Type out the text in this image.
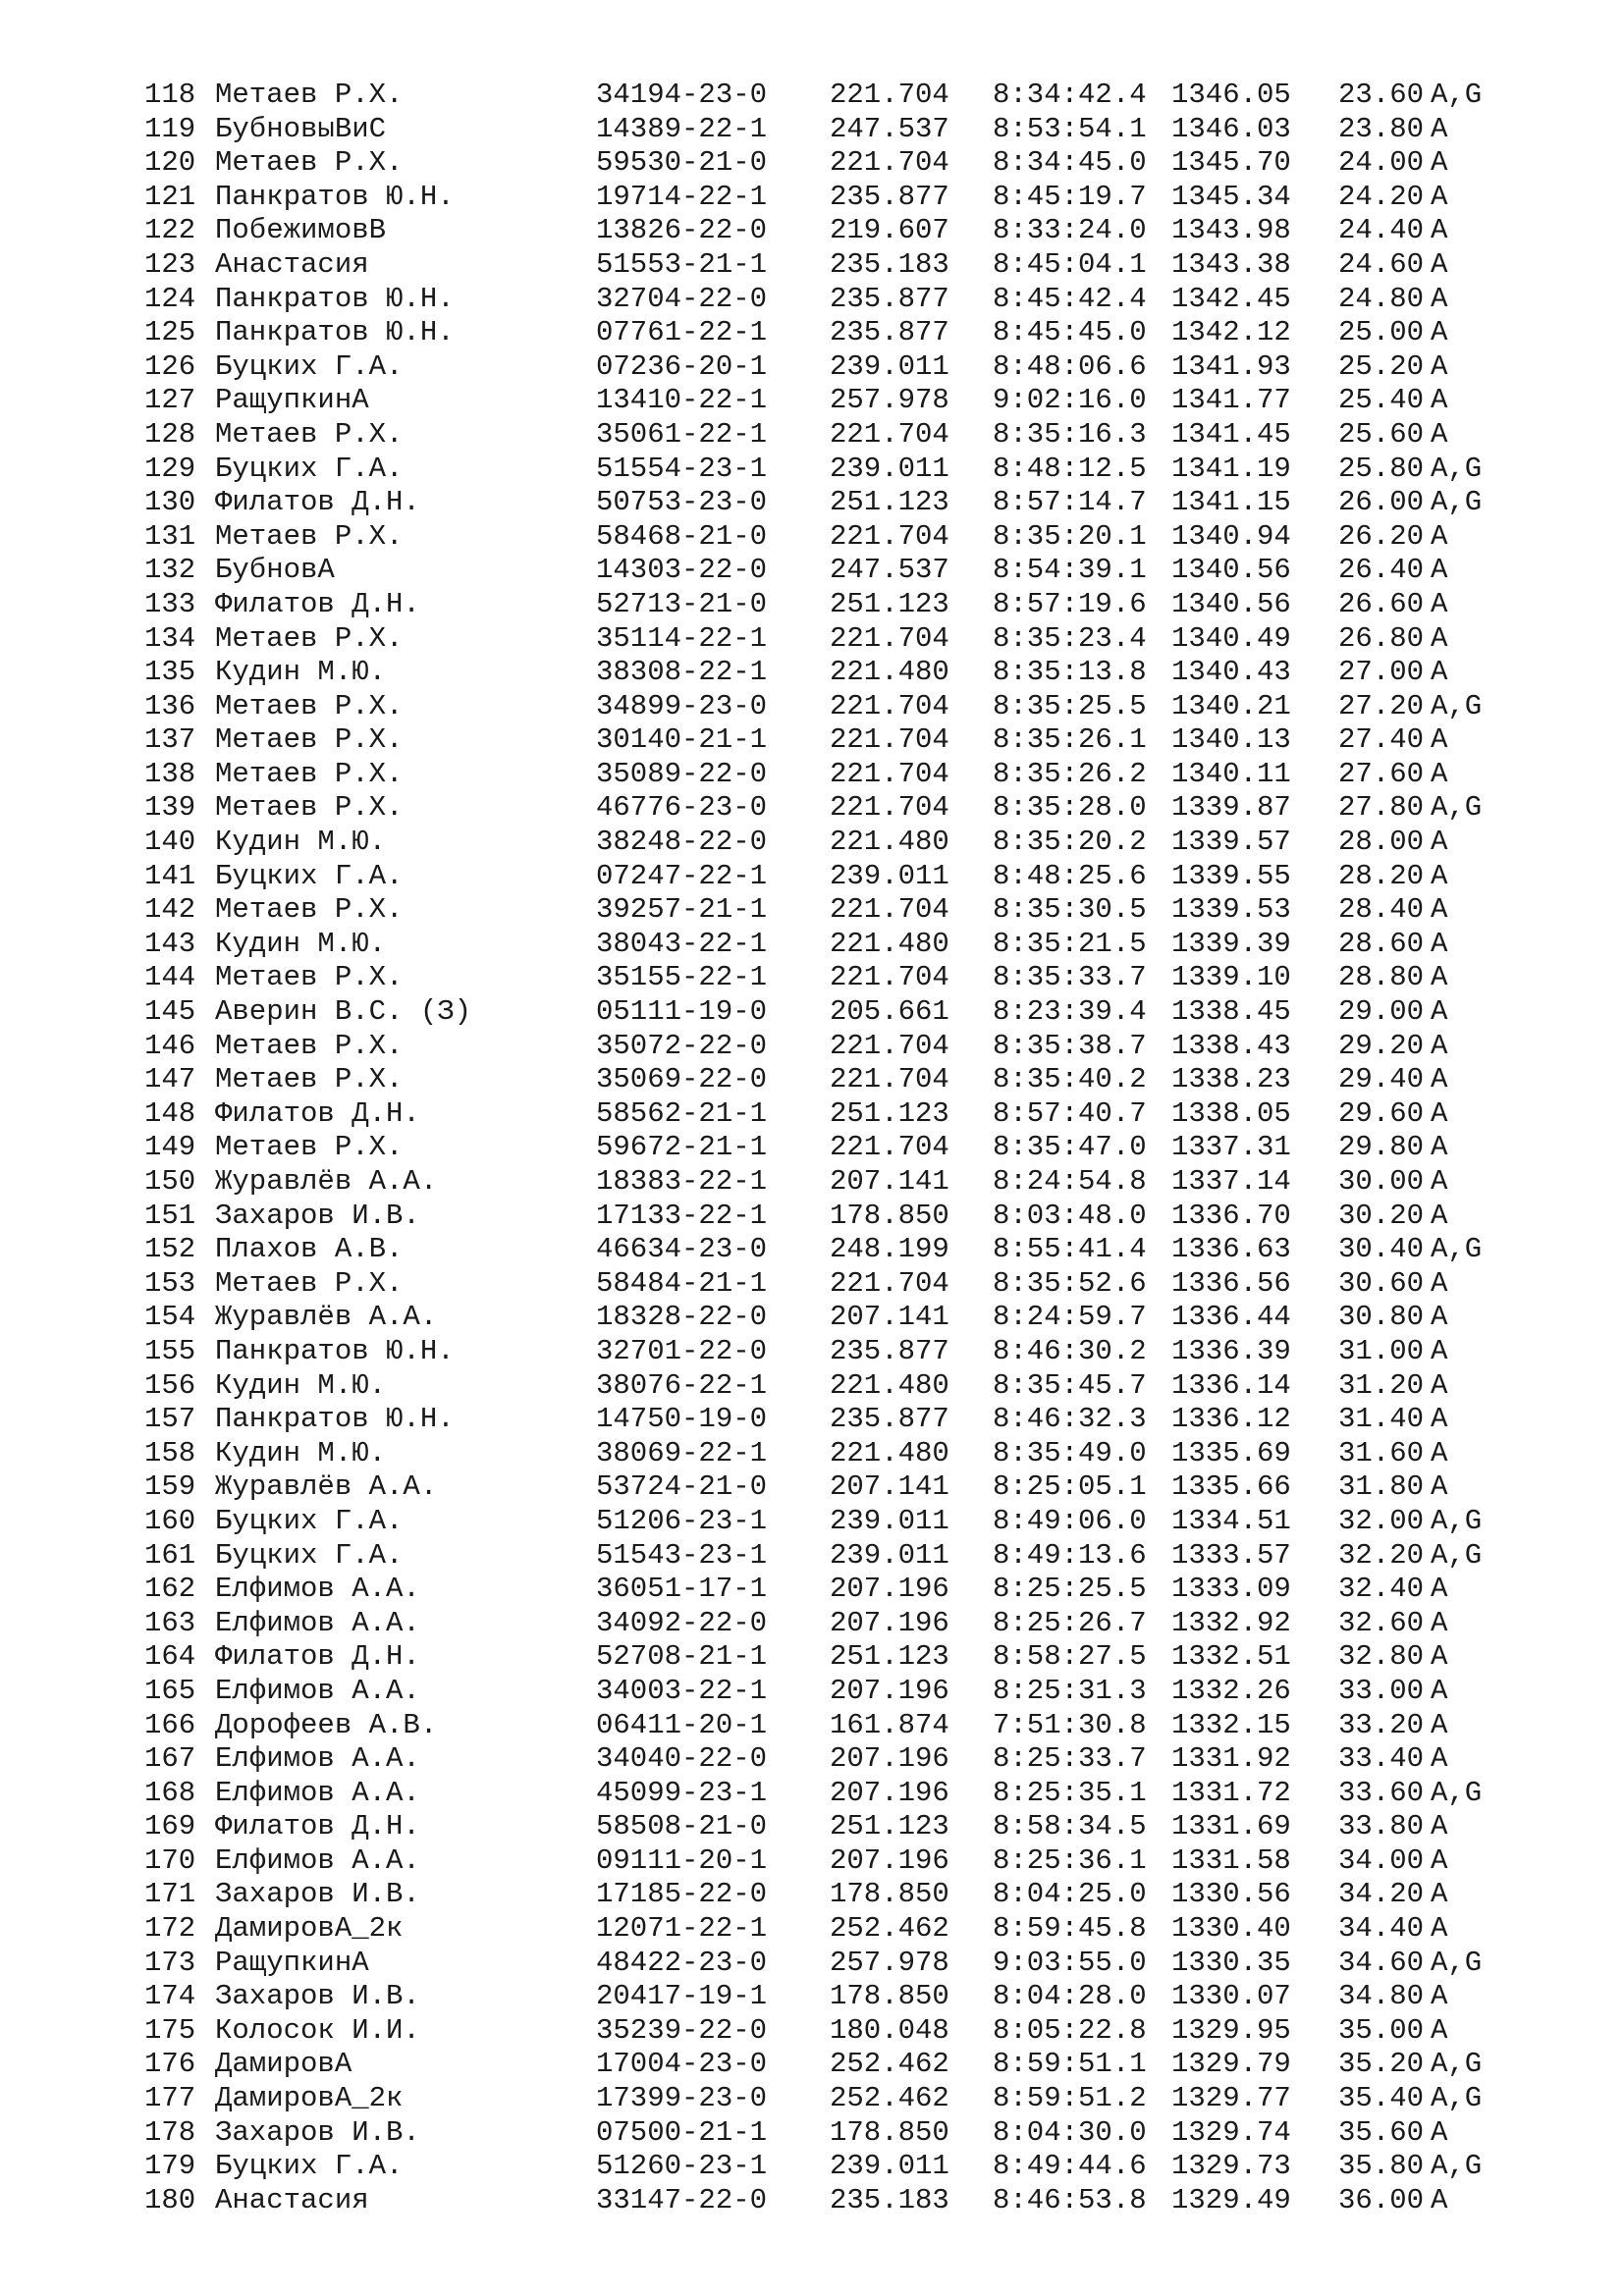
118 Метаев Р.Х.	34194-23-0 221.704 8:34:42.4 1346.05 23.60 A,G
119 БубновыВиС	14389-22-1 247.537 8:53:54.1 1346.03 23.80 A
120 Метаев Р.Х.	59530-21-0 221.704 8:34:45.0 1345.70 24.00 A
121 Панкратов Ю.Н.	19714-22-1 235.877 8:45:19.7 1345.34 24.20 A
122 ПобежимовВ	13826-22-0 219.607 8:33:24.0 1343.98 24.40 A
123 Анастасия	51553-21-1 235.183 8:45:04.1 1343.38 24.60 A
124 Панкратов Ю.Н.	32704-22-0 235.877 8:45:42.4 1342.45 24.80 A
125 Панкратов Ю.Н.	07761-22-1 235.877 8:45:45.0 1342.12 25.00 A
126 Буцких Г.А.	07236-20-1 239.011 8:48:06.6 1341.93 25.20 A
127 РащупкинА	13410-22-1 257.978 9:02:16.0 1341.77 25.40 A
128 Метаев Р.Х.	35061-22-1 221.704 8:35:16.3 1341.45 25.60 A
129 Буцких Г.А.	51554-23-1 239.011 8:48:12.5 1341.19 25.80 A,G
130 Филатов Д.Н.	50753-23-0 251.123 8:57:14.7 1341.15 26.00 A,G
131 Метаев Р.Х.	58468-21-0 221.704 8:35:20.1 1340.94 26.20 A
132 БубновА	14303-22-0 247.537 8:54:39.1 1340.56 26.40 A
133 Филатов Д.Н.	52713-21-0 251.123 8:57:19.6 1340.56 26.60 A
134 Метаев Р.Х.	35114-22-1 221.704 8:35:23.4 1340.49 26.80 A
135 Кудин М.Ю.	38308-22-1 221.480 8:35:13.8 1340.43 27.00 A
136 Метаев Р.Х.	34899-23-0 221.704 8:35:25.5 1340.21 27.20 A,G
137 Метаев Р.Х.	30140-21-1 221.704 8:35:26.1 1340.13 27.40 A
138 Метаев Р.Х.	35089-22-0 221.704 8:35:26.2 1340.11 27.60 A
139 Метаев Р.Х.	46776-23-0 221.704 8:35:28.0 1339.87 27.80 A,G
140 Кудин М.Ю.	38248-22-0 221.480 8:35:20.2 1339.57 28.00 A
141 Буцких Г.А.	07247-22-1 239.011 8:48:25.6 1339.55 28.20 A
142 Метаев Р.Х.	39257-21-1 221.704 8:35:30.5 1339.53 28.40 A
143 Кудин М.Ю.	38043-22-1 221.480 8:35:21.5 1339.39 28.60 A
144 Метаев Р.Х.	35155-22-1 221.704 8:35:33.7 1339.10 28.80 A
145 Аверин В.С. (З)	05111-19-0 205.661 8:23:39.4 1338.45 29.00 A
146 Метаев Р.Х.	35072-22-0 221.704 8:35:38.7 1338.43 29.20 A
147 Метаев Р.Х.	35069-22-0 221.704 8:35:40.2 1338.23 29.40 A
148 Филатов Д.Н.	58562-21-1 251.123 8:57:40.7 1338.05 29.60 A
149 Метаев Р.Х.	59672-21-1 221.704 8:35:47.0 1337.31 29.80 A
150 Журавлёв А.А.	18383-22-1 207.141 8:24:54.8 1337.14 30.00 A
151 Захаров И.В.	17133-22-1 178.850 8:03:48.0 1336.70 30.20 A
152 Плахов А.В.	46634-23-0 248.199 8:55:41.4 1336.63 30.40 A,G
153 Метаев Р.Х.	58484-21-1 221.704 8:35:52.6 1336.56 30.60 A
154 Журавлёв А.А.	18328-22-0 207.141 8:24:59.7 1336.44 30.80 A
155 Панкратов Ю.Н.	32701-22-0 235.877 8:46:30.2 1336.39 31.00 A
156 Кудин М.Ю.	38076-22-1 221.480 8:35:45.7 1336.14 31.20 A
157 Панкратов Ю.Н.	14750-19-0 235.877 8:46:32.3 1336.12 31.40 A
158 Кудин М.Ю.	38069-22-1 221.480 8:35:49.0 1335.69 31.60 A
159 Журавлёв А.А.	53724-21-0 207.141 8:25:05.1 1335.66 31.80 A
160 Буцких Г.А.	51206-23-1 239.011 8:49:06.0 1334.51 32.00 A,G
161 Буцких Г.А.	51543-23-1 239.011 8:49:13.6 1333.57 32.20 A,G
162 Елфимов А.А.	36051-17-1 207.196 8:25:25.5 1333.09 32.40 A
163 Елфимов А.А.	34092-22-0 207.196 8:25:26.7 1332.92 32.60 A
164 Филатов Д.Н.	52708-21-1 251.123 8:58:27.5 1332.51 32.80 A
165 Елфимов А.А.	34003-22-1 207.196 8:25:31.3 1332.26 33.00 A
166 Дорофеев А.В.	06411-20-1 161.874 7:51:30.8 1332.15 33.20 A
167 Елфимов А.А.	34040-22-0 207.196 8:25:33.7 1331.92 33.40 A
168 Елфимов А.А.	45099-23-1 207.196 8:25:35.1 1331.72 33.60 A,G
169 Филатов Д.Н.	58508-21-0 251.123 8:58:34.5 1331.69 33.80 A
170 Елфимов А.А.	09111-20-1 207.196 8:25:36.1 1331.58 34.00 A
171 Захаров И.В.	17185-22-0 178.850 8:04:25.0 1330.56 34.20 A
172 ДамировА_2к	12071-22-1 252.462 8:59:45.8 1330.40 34.40 A
173 РащупкинА	48422-23-0 257.978 9:03:55.0 1330.35 34.60 A,G
174 Захаров И.В.	20417-19-1 178.850 8:04:28.0 1330.07 34.80 A
175 Колосок И.И.	35239-22-0 180.048 8:05:22.8 1329.95 35.00 A
176 ДамировА	17004-23-0 252.462 8:59:51.1 1329.79 35.20 A,G
177 ДамировА_2к	17399-23-0 252.462 8:59:51.2 1329.77 35.40 A,G
178 Захаров И.В.	07500-21-1 178.850 8:04:30.0 1329.74 35.60 A
179 Буцких Г.А.	51260-23-1 239.011 8:49:44.6 1329.73 35.80 A,G
180 Анастасия	33147-22-0 235.183 8:46:53.8 1329.49 36.00 A
